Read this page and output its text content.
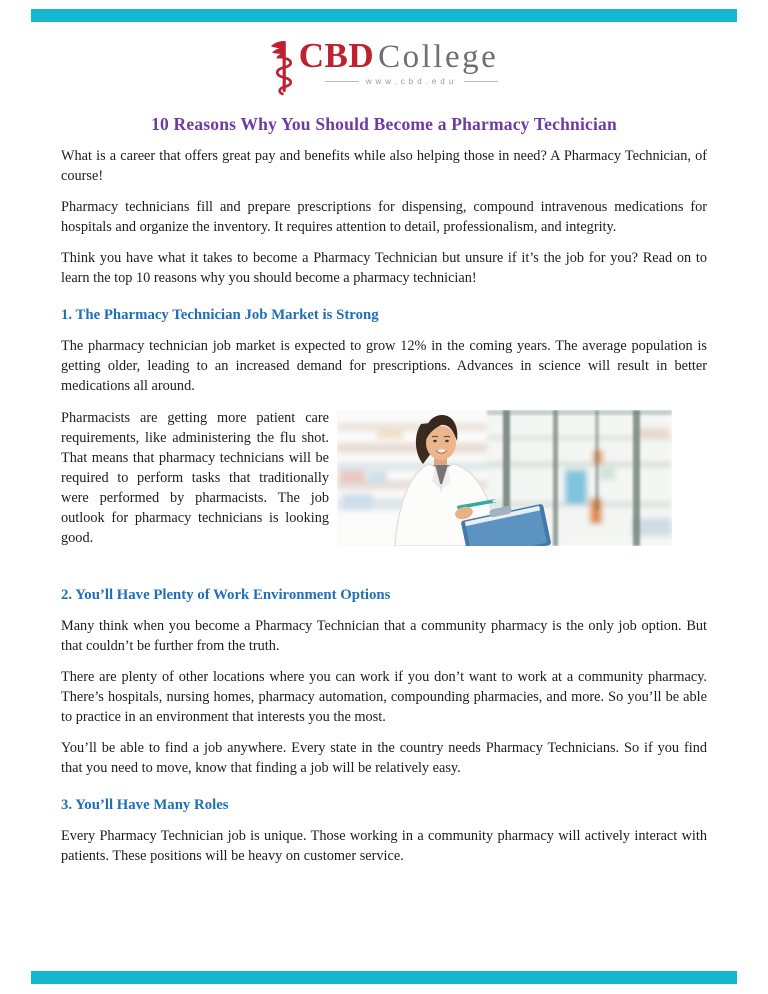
CBD College
www.cbd.edu
10 Reasons Why You Should Become a Pharmacy Technician

What is a career that offers great pay and benefits while also helping those in need? A Pharmacy Technician, of course!

Pharmacy technicians fill and prepare prescriptions for dispensing, compound intravenous medications for hospitals and organize the inventory. It requires attention to detail, professionalism, and integrity.

Think you have what it takes to become a Pharmacy Technician but unsure if it’s the job for you? Read on to learn the top 10 reasons why you should become a pharmacy technician!

1. The Pharmacy Technician Job Market is Strong

The pharmacy technician job market is expected to grow 12% in the coming years. The average population is getting older, leading to an increased demand for prescriptions. Advances in science will result in better medications all around.

Pharmacists are getting more patient care requirements, like administering the flu shot. That means that pharmacy technicians will be required to perform tasks that traditionally were performed by pharmacists. The job outlook for pharmacy technicians is looking good.

2. You’ll Have Plenty of Work Environment Options

Many think when you become a Pharmacy Technician that a community pharmacy is the only job option. But that couldn’t be further from the truth.

There are plenty of other locations where you can work if you don’t want to work at a community pharmacy. There’s hospitals, nursing homes, pharmacy automation, compounding pharmacies, and more. So you’ll be able to practice in an environment that interests you the most.

You’ll be able to find a job anywhere. Every state in the country needs Pharmacy Technicians. So if you find that you need to move, know that finding a job will be relatively easy.

3. You’ll Have Many Roles

Every Pharmacy Technician job is unique. Those working in a community pharmacy will actively interact with patients. These positions will be heavy on customer service.
